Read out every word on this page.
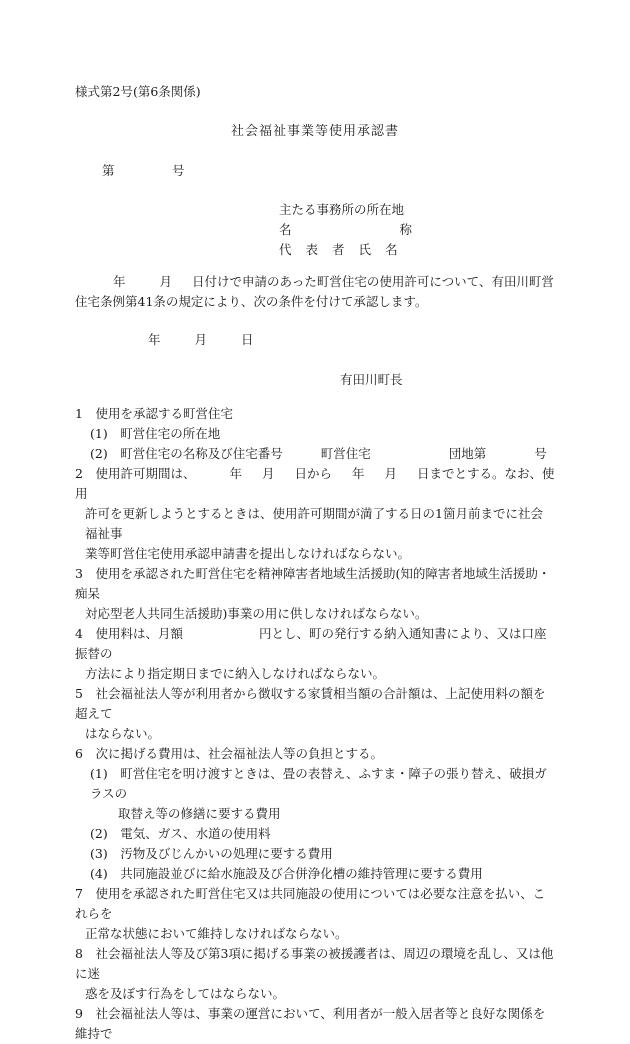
様式第2号(第6条関係)
社会福祉事業等使用承認書
第	号
主たる事務所の所在地
名	称
代 表 者 氏 名
年	月 日付けで申請のあった町営住宅の使用許可について、有田川町営住宅条例第41条の規定により、次の条件を付けて承認します。
年	月	日
有田川町長
1　使用を承認する町営住宅
(1)　町営住宅の所在地
(2)　町営住宅の名称及び住宅番号	町営住宅	団地第	号
2　使用許可期間は、	年 月 日から 年 月 日までとする。なお、使用
許可を更新しようとするときは、使用許可期間が満了する日の1箇月前までに社会福祉事
業等町営住宅使用承認申請書を提出しなければならない。
3　使用を承認された町営住宅を精神障害者地域生活援助(知的障害者地域生活援助・痴呆
対応型老人共同生活援助)事業の用に供しなければならない。
4　使用料は、月額	円とし、町の発行する納入通知書により、又は口座振替の
方法により指定期日までに納入しなければならない。
5　社会福祉法人等が利用者から徴収する家賃相当額の合計額は、上記使用料の額を超えて
はならない。
6　次に掲げる費用は、社会福祉法人等の負担とする。
(1)　町営住宅を明け渡すときは、畳の表替え、ふすま・障子の張り替え、破損ガラスの
取替え等の修繕に要する費用
(2)　電気、ガス、水道の使用料
(3)　汚物及びじんかいの処理に要する費用
(4)　共同施設並びに給水施設及び合併浄化槽の維持管理に要する費用
7　使用を承認された町営住宅又は共同施設の使用については必要な注意を払い、これらを
正常な状態において維持しなければならない。
8　社会福祉法人等及び第3項に掲げる事業の被援護者は、周辺の環境を乱し、又は他に迷
惑を及ぼす行為をしてはならない。
9　社会福祉法人等は、事業の運営において、利用者が一般入居者等と良好な関係を維持で
